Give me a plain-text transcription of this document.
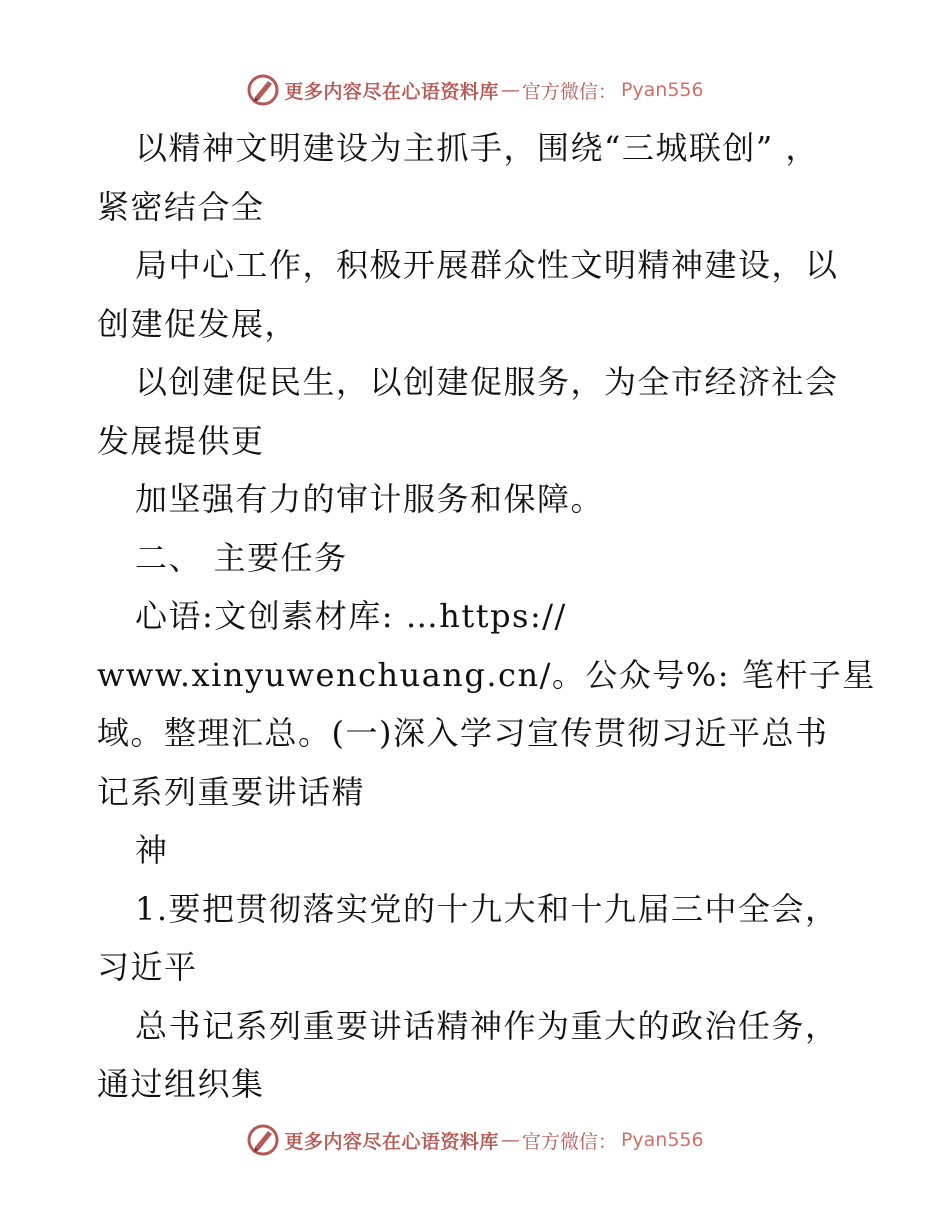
更多内容尽在心语资料库 — 官方微信： Pyan556
以精神文明建设为主抓手，围绕“三城联创” ，
紧密结合全
局中心工作，积极开展群众性文明精神建设，以
创建促发展，
以创建促民生，以创建促服务，为全市经济社会
发展提供更
加坚强有力的审计服务和保障。
二、 主要任务
心语:文创素材库: …https://
www.xinyuwenchuang.cn/。公众号%: 笔杆子星
域。整理汇总。(一)深入学习宣传贯彻习近平总书
记系列重要讲话精
神
1.要把贯彻落实党的十九大和十九届三中全会，
习近平
总书记系列重要讲话精神作为重大的政治任务，
通过组织集
更多内容尽在心语资料库 — 官方微信： Pyan556
